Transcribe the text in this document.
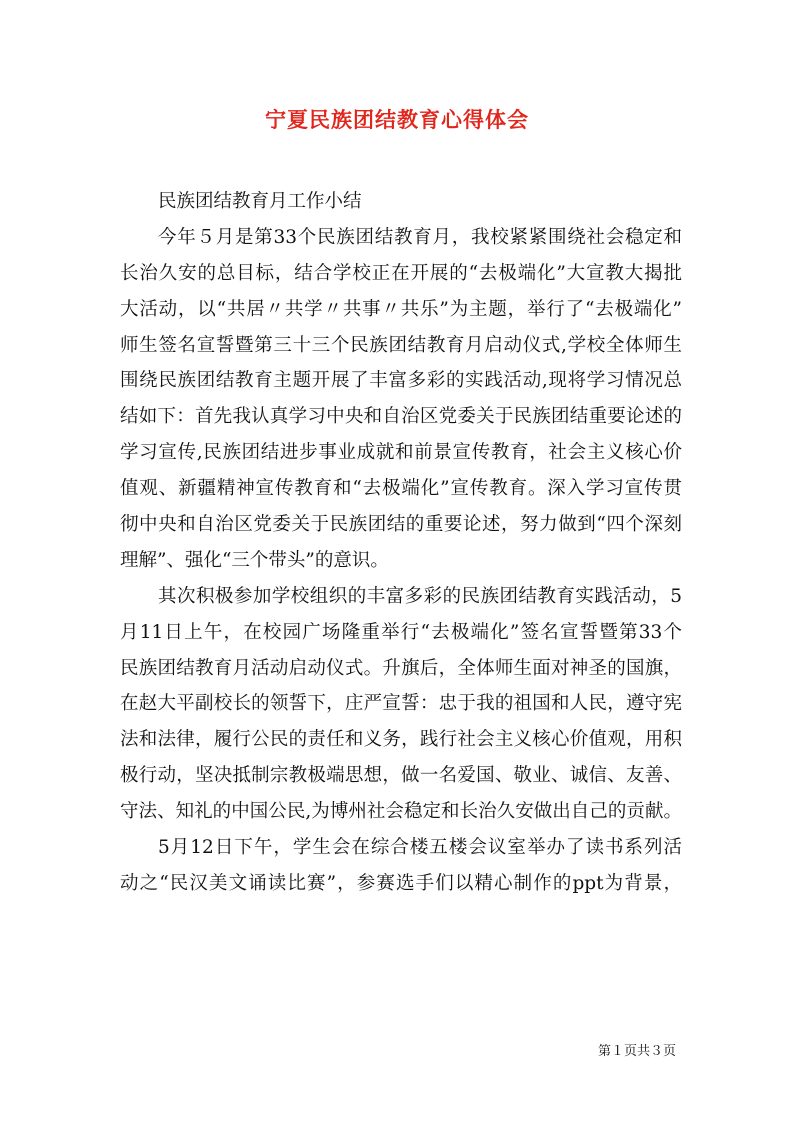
宁夏民族团结教育心得体会
民族团结教育月工作小结
今年５月是第33个民族团结教育月，我校紧紧围绕社会稳定和
长治久安的总目标，结合学校正在开展的“去极端化”大宣教大揭批
大活动，以“共居〃共学〃共事〃共乐”为主题，举行了“去极端化”
师生签名宣誓暨第三十三个民族团结教育月启动仪式,学校全体师生
围绕民族团结教育主题开展了丰富多彩的实践活动,现将学习情况总
结如下：首先我认真学习中央和自治区党委关于民族团结重要论述的
学习宣传,民族团结进步事业成就和前景宣传教育，社会主义核心价
值观、新疆精神宣传教育和“去极端化”宣传教育。深入学习宣传贯
彻中央和自治区党委关于民族团结的重要论述，努力做到“四个深刻
理解”、强化“三个带头”的意识。
其次积极参加学校组织的丰富多彩的民族团结教育实践活动，5
月11日上午，在校园广场隆重举行“去极端化”签名宣誓暨第33个
民族团结教育月活动启动仪式。升旗后，全体师生面对神圣的国旗，
在赵大平副校长的领誓下，庄严宣誓：忠于我的祖国和人民，遵守宪
法和法律，履行公民的责任和义务，践行社会主义核心价值观，用积
极行动，坚决抵制宗教极端思想，做一名爱国、敬业、诚信、友善、
守法、知礼的中国公民,为博州社会稳定和长治久安做出自己的贡献。
5月12日下午，学生会在综合楼五楼会议室举办了读书系列活
动之“民汉美文诵读比赛”，参赛选手们以精心制作的ppt为背景，
第１页共３页
